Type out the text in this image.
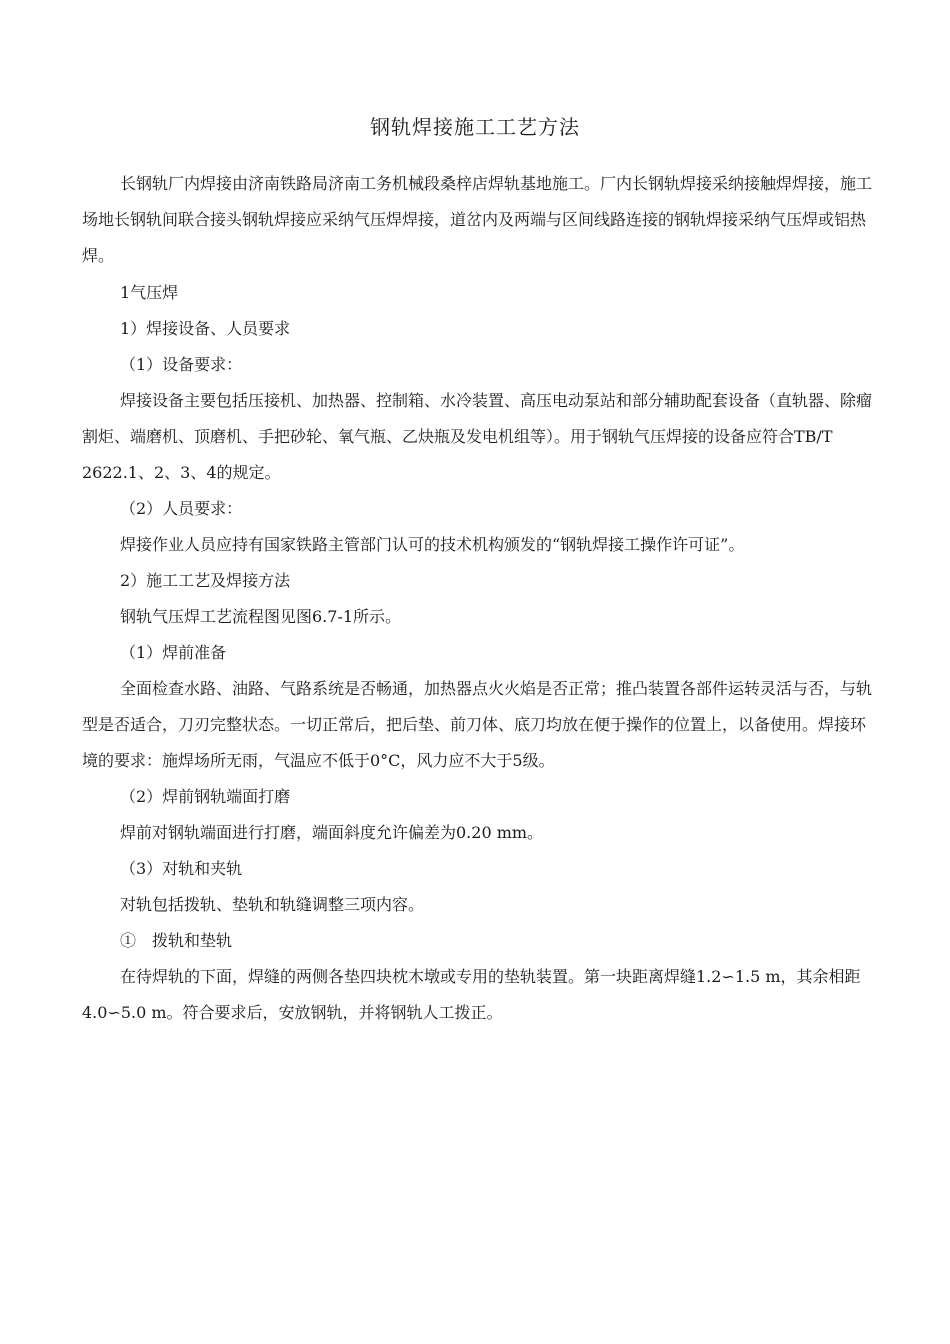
钢轨焊接施工工艺方法

长钢轨厂内焊接由济南铁路局济南工务机械段桑梓店焊轨基地施工。厂内长钢轨焊接采纳接触焊焊接，施工场地长钢轨间联合接头钢轨焊接应采纳气压焊焊接，道岔内及两端与区间线路连接的钢轨焊接采纳气压焊或铝热焊。

1气压焊
1）焊接设备、人员要求
（1）设备要求：

焊接设备主要包括压接机、加热器、控制箱、水冷装置、高压电动泵站和部分辅助配套设备（直轨器、除瘤割炬、端磨机、顶磨机、手把砂轮、氧气瓶、乙炔瓶及发电机组等）。用于钢轨气压焊接的设备应符合TB/T 2622.1、2、3、4的规定。

（2）人员要求：

焊接作业人员应持有国家铁路主管部门认可的技术机构颁发的“钢轨焊接工操作许可证”。

2）施工工艺及焊接方法
钢轨气压焊工艺流程图见图6.7-1所示。
（1）焊前准备

全面检查水路、油路、气路系统是否畅通，加热器点火火焰是否正常；推凸装置各部件运转灵活与否，与轨型是否适合，刀刃完整状态。一切正常后，把后垫、前刀体、底刀均放在便于操作的位置上，以备使用。焊接环境的要求：施焊场所无雨，气温应不低于0°C，风力应不大于5级。

（2）焊前钢轨端面打磨
焊前对钢轨端面进行打磨，端面斜度允许偏差为0.20 mm。
（3）对轨和夹轨
对轨包括拨轨、垫轨和轨缝调整三项内容。
①　拨轨和垫轨

在待焊轨的下面，焊缝的两侧各垫四块枕木墩或专用的垫轨装置。第一块距离焊缝1.2∽1.5 m，其余相距4.0∽5.0 m。符合要求后，安放钢轨，并将钢轨人工拨正。
